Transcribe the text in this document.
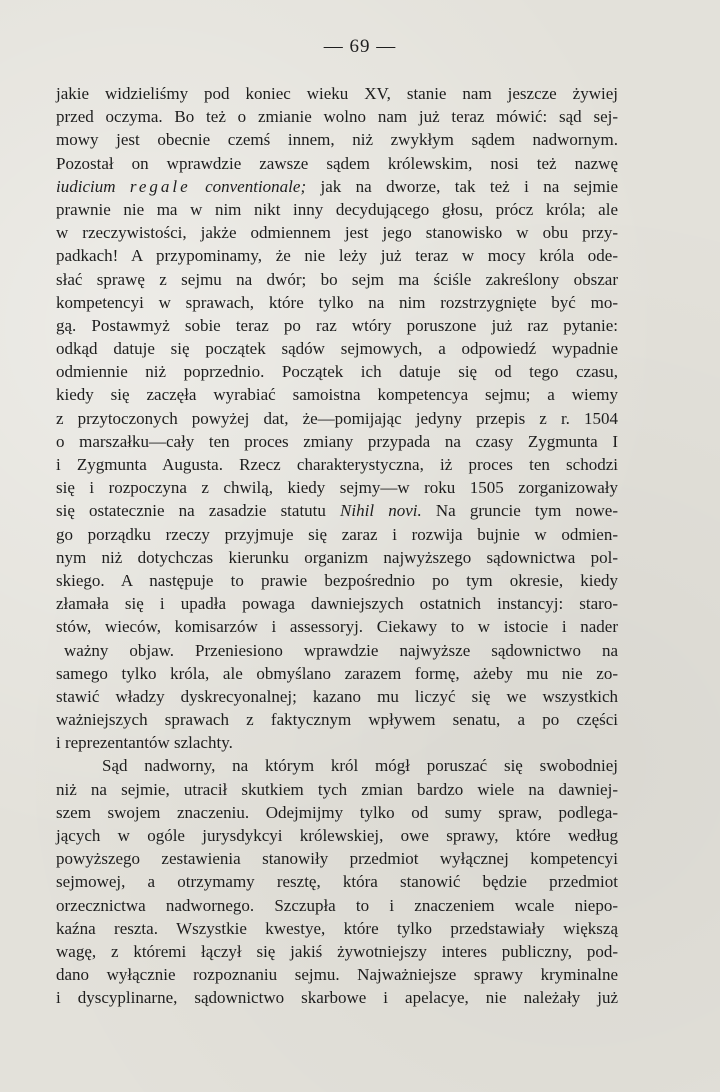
— 69 —
jakie widzieliśmy pod koniec wieku XV, stanie nam jeszcze żywiej
przed oczyma. Bo też o zmianie wolno nam już teraz mówić: sąd sej-
mowy jest obecnie czemś innem, niż zwykłym sądem nadwornym.
Pozostał on wprawdzie zawsze sądem królewskim, nosi też nazwę
iudicium regale conventionale; jak na dworze, tak też i na sejmie
prawnie nie ma w nim nikt inny decydującego głosu, prócz króla; ale
w rzeczywistości, jakże odmiennem jest jego stanowisko w obu przy-
padkach! A przypominamy, że nie leży już teraz w mocy króla ode-
słać sprawę z sejmu na dwór; bo sejm ma ściśle zakreślony obszar
kompetencyi w sprawach, które tylko na nim rozstrzygnięte być mo-
gą. Postawmyż sobie teraz po raz wtóry poruszone już raz pytanie:
odkąd datuje się początek sądów sejmowych, a odpowiedź wypadnie
odmiennie niż poprzednio. Początek ich datuje się od tego czasu,
kiedy się zaczęła wyrabiać samoistna kompetencya sejmu; a wiemy
z przytoczonych powyżej dat, że—pomijając jedyny przepis z r. 1504
o marszałku—cały ten proces zmiany przypada na czasy Zygmunta I
i Zygmunta Augusta. Rzecz charakterystyczna, iż proces ten schodzi
się i rozpoczyna z chwilą, kiedy sejmy—w roku 1505 zorganizowały
się ostatecznie na zasadzie statutu Nihil novi. Na gruncie tym nowe-
go porządku rzeczy przyjmuje się zaraz i rozwija bujnie w odmien-
nym niż dotychczas kierunku organizm najwyższego sądownictwa pol-
skiego. A następuje to prawie bezpośrednio po tym okresie, kiedy
złamała się i upadła powaga dawniejszych ostatnich instancyj: staro-
stów, wieców, komisarzów i assessoryj. Ciekawy to w istocie i nader
ważny objaw. Przeniesiono wprawdzie najwyższe sądownictwo na
samego tylko króla, ale obmyślano zarazem formę, ażeby mu nie zo-
stawić władzy dyskrecyonalnej; kazano mu liczyć się we wszystkich
ważniejszych sprawach z faktycznym wpływem senatu, a po części
i reprezentantów szlachty.
Sąd nadworny, na którym król mógł poruszać się swobodniej
niż na sejmie, utracił skutkiem tych zmian bardzo wiele na dawniej-
szem swojem znaczeniu. Odejmijmy tylko od sumy spraw, podlega-
jących w ogóle jurysdykcyi królewskiej, owe sprawy, które według
powyższego zestawienia stanowiły przedmiot wyłącznej kompetencyi
sejmowej, a otrzymamy resztę, która stanowić będzie przedmiot
orzecznictwa nadwornego. Szczupła to i znaczeniem wcale niepo-
kaźna reszta. Wszystkie kwestye, które tylko przedstawiały większą
wagę, z któremi łączył się jakiś żywotniejszy interes publiczny, pod-
dano wyłącznie rozpoznaniu sejmu. Najważniejsze sprawy kryminalne
i dyscyplinarne, sądownictwo skarbowe i apelacye, nie należały już
